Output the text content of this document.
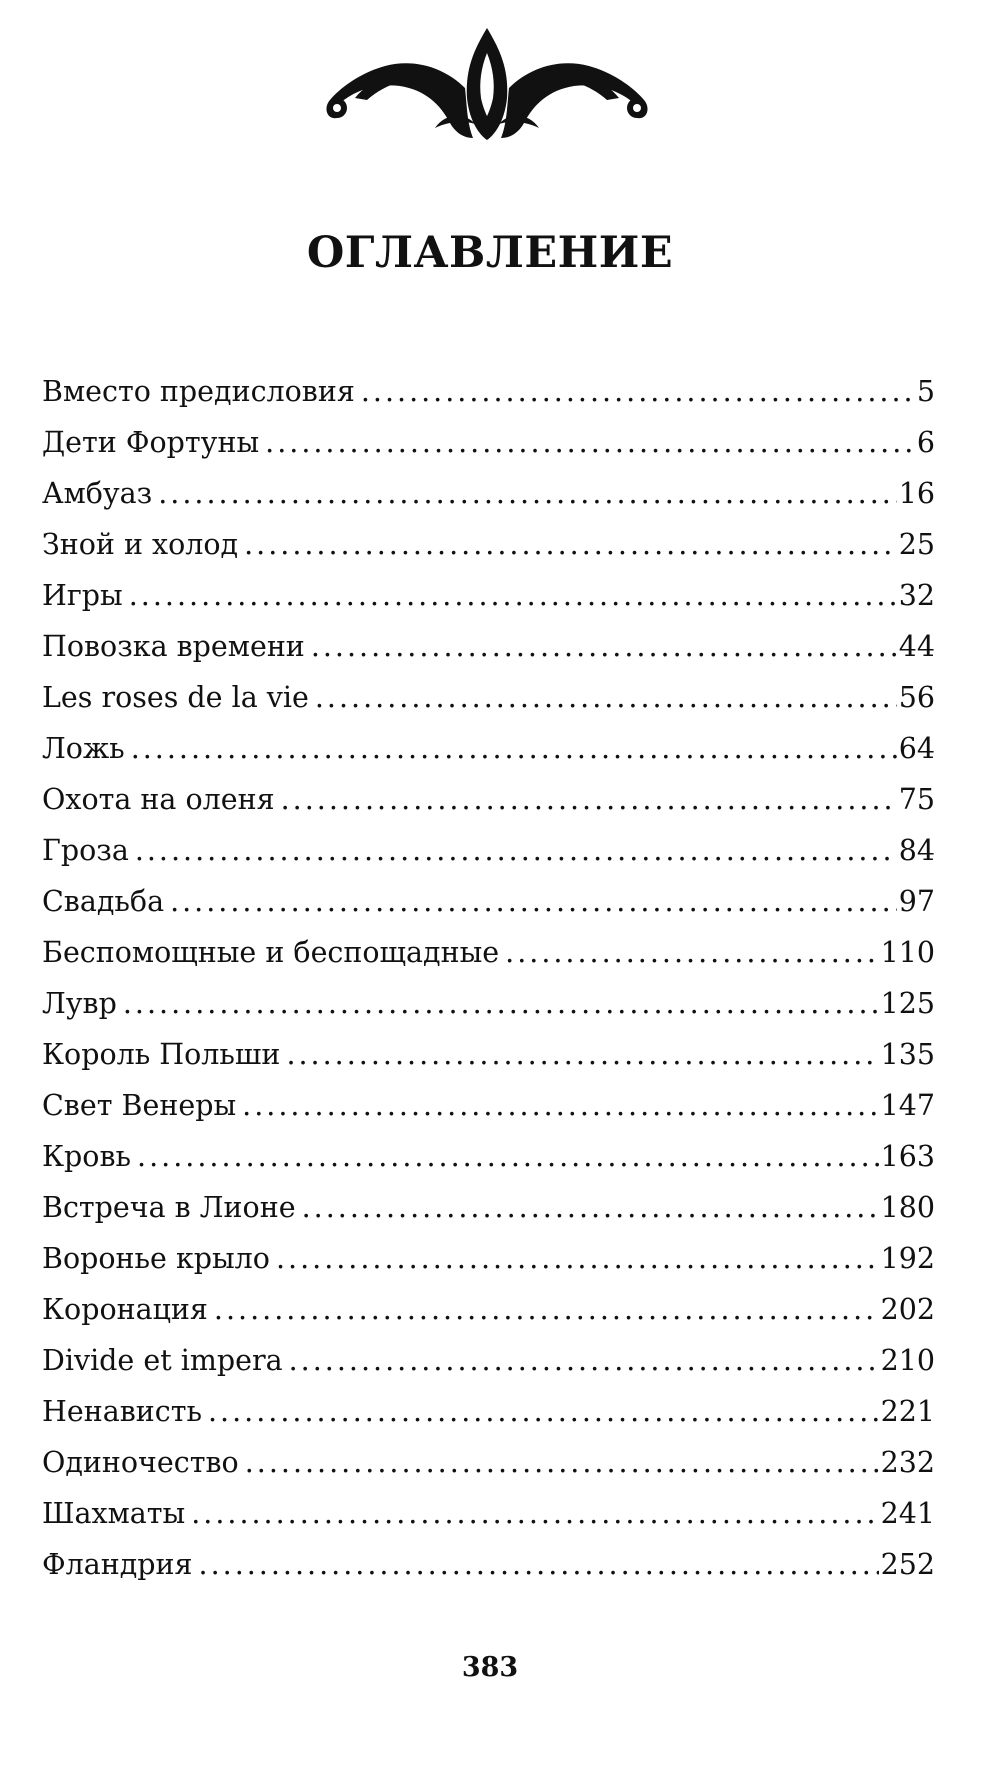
ОГЛАВЛЕНИЕ
Вместо предисловия .....	5
Дети Фортуны .....	6
Амбуаз .....	16
Зной и холод .....	25
Игры .....	32
Повозка времени .....	44
Les roses de la vie .....	56
Ложь .....	64
Охота на оленя .....	75
Гроза .....	84
Свадьба .....	97
Беспомощные и беспощадные .....	110
Лувр .....	125
Король Польши .....	135
Свет Венеры .....	147
Кровь .....	163
Встреча в Лионе .....	180
Воронье крыло .....	192
Коронация .....	202
Divide et impera .....	210
Ненависть .....	221
Одиночество .....	232
Шахматы .....	241
Фландрия .....	252
383
